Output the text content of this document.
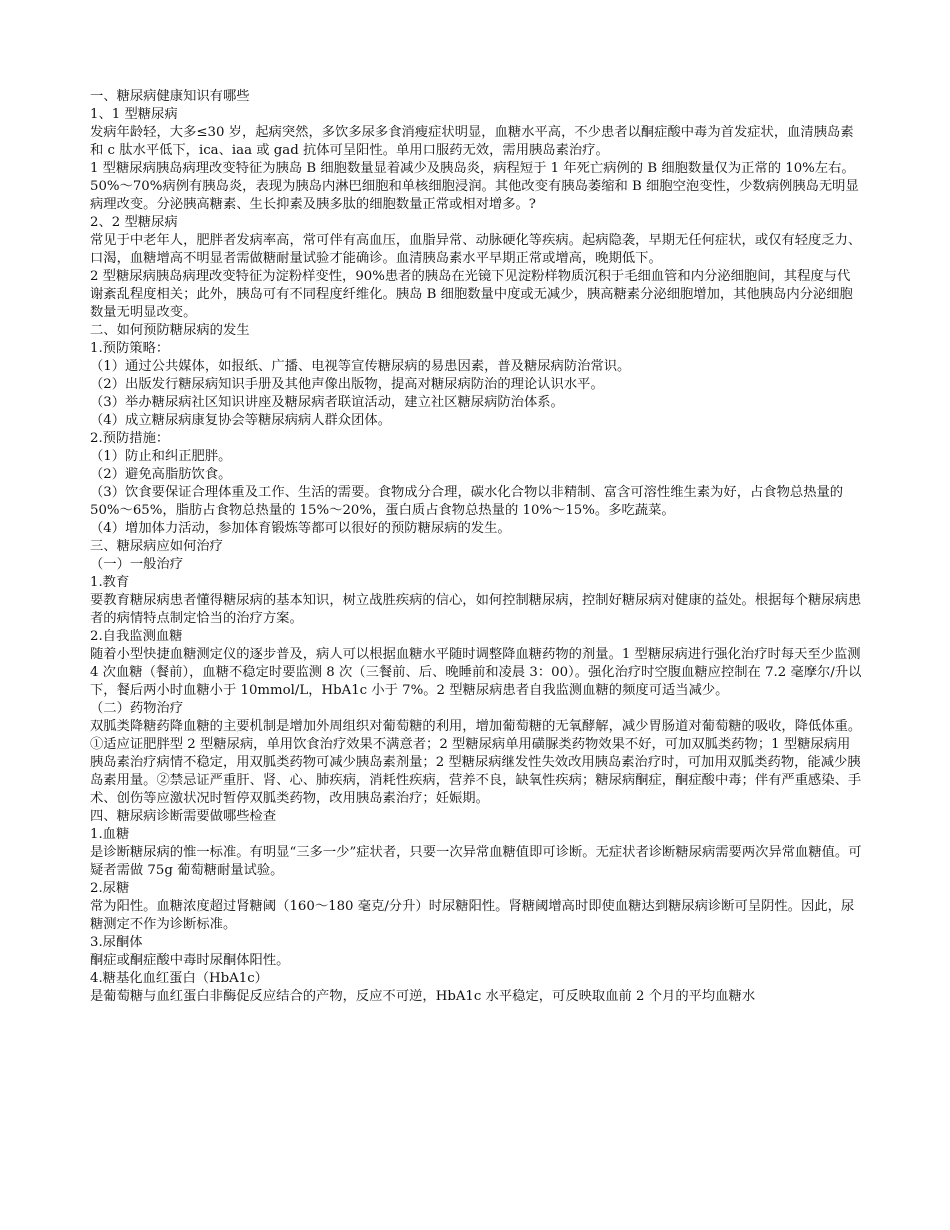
一、糖尿病健康知识有哪些

1、1 型糖尿病

发病年龄轻，大多≤30 岁，起病突然，多饮多尿多食消瘦症状明显，血糖水平高，不少患者以酮症酸中毒为首发症状，血清胰岛素和 c 肽水平低下，ica、iaa 或 gad 抗体可呈阳性。单用口服药无效，需用胰岛素治疗。

1 型糖尿病胰岛病理改变特征为胰岛 B 细胞数量显着减少及胰岛炎，病程短于 1 年死亡病例的 B 细胞数量仅为正常的 10%左右。50%～70%病例有胰岛炎，表现为胰岛内淋巴细胞和单核细胞浸润。其他改变有胰岛萎缩和 B 细胞空泡变性，少数病例胰岛无明显病理改变。分泌胰高糖素、生长抑素及胰多肽的细胞数量正常或相对增多。?

2、2 型糖尿病

常见于中老年人，肥胖者发病率高，常可伴有高血压，血脂异常、动脉硬化等疾病。起病隐袭，早期无任何症状，或仅有轻度乏力、口渴，血糖增高不明显者需做糖耐量试验才能确诊。血清胰岛素水平早期正常或增高，晚期低下。

2 型糖尿病胰岛病理改变特征为淀粉样变性，90%患者的胰岛在光镜下见淀粉样物质沉积于毛细血管和内分泌细胞间，其程度与代谢紊乱程度相关；此外，胰岛可有不同程度纤维化。胰岛 B 细胞数量中度或无减少，胰高糖素分泌细胞增加，其他胰岛内分泌细胞数量无明显改变。

二、如何预防糖尿病的发生

1.预防策略：

（1）通过公共媒体，如报纸、广播、电视等宣传糖尿病的易患因素，普及糖尿病防治常识。

（2）出版发行糖尿病知识手册及其他声像出版物，提高对糖尿病防治的理论认识水平。

（3）举办糖尿病社区知识讲座及糖尿病者联谊活动，建立社区糖尿病防治体系。

（4）成立糖尿病康复协会等糖尿病病人群众团体。

2.预防措施：

（1）防止和纠正肥胖。

（2）避免高脂肪饮食。

（3）饮食要保证合理体重及工作、生活的需要。食物成分合理，碳水化合物以非精制、富含可溶性维生素为好，占食物总热量的 50%～65%，脂肪占食物总热量的 15%～20%，蛋白质占食物总热量的 10%～15%。多吃蔬菜。

（4）增加体力活动，参加体育锻炼等都可以很好的预防糖尿病的发生。

三、糖尿病应如何治疗

（一）一般治疗

1.教育

要教育糖尿病患者懂得糖尿病的基本知识，树立战胜疾病的信心，如何控制糖尿病，控制好糖尿病对健康的益处。根据每个糖尿病患者的病情特点制定恰当的治疗方案。

2.自我监测血糖

随着小型快捷血糖测定仪的逐步普及，病人可以根据血糖水平随时调整降血糖药物的剂量。1 型糖尿病进行强化治疗时每天至少监测 4 次血糖（餐前），血糖不稳定时要监测 8 次（三餐前、后、晚睡前和凌晨 3：00）。强化治疗时空腹血糖应控制在 7.2 毫摩尔/升以下，餐后两小时血糖小于 10mmol/L，HbA1c 小于 7%。2 型糖尿病患者自我监测血糖的频度可适当减少。

（二）药物治疗

双胍类降糖药降血糖的主要机制是增加外周组织对葡萄糖的利用，增加葡萄糖的无氧酵解，减少胃肠道对葡萄糖的吸收，降低体重。①适应证肥胖型 2 型糖尿病，单用饮食治疗效果不满意者；2 型糖尿病单用磺脲类药物效果不好，可加双胍类药物；1 型糖尿病用胰岛素治疗病情不稳定，用双胍类药物可减少胰岛素剂量；2 型糖尿病继发性失效改用胰岛素治疗时，可加用双胍类药物，能减少胰岛素用量。②禁忌证严重肝、肾、心、肺疾病，消耗性疾病，营养不良，缺氧性疾病；糖尿病酮症，酮症酸中毒；伴有严重感染、手术、创伤等应激状况时暂停双胍类药物，改用胰岛素治疗；妊娠期。

四、糖尿病诊断需要做哪些检查

1.血糖

是诊断糖尿病的惟一标准。有明显“三多一少”症状者，只要一次异常血糖值即可诊断。无症状者诊断糖尿病需要两次异常血糖值。可疑者需做 75g 葡萄糖耐量试验。

2.尿糖

常为阳性。血糖浓度超过肾糖阈（160～180 毫克/分升）时尿糖阳性。肾糖阈增高时即使血糖达到糖尿病诊断可呈阴性。因此，尿糖测定不作为诊断标准。

3.尿酮体

酮症或酮症酸中毒时尿酮体阳性。

4.糖基化血红蛋白（HbA1c）

是葡萄糖与血红蛋白非酶促反应结合的产物，反应不可逆，HbA1c 水平稳定，可反映取血前 2 个月的平均血糖水
